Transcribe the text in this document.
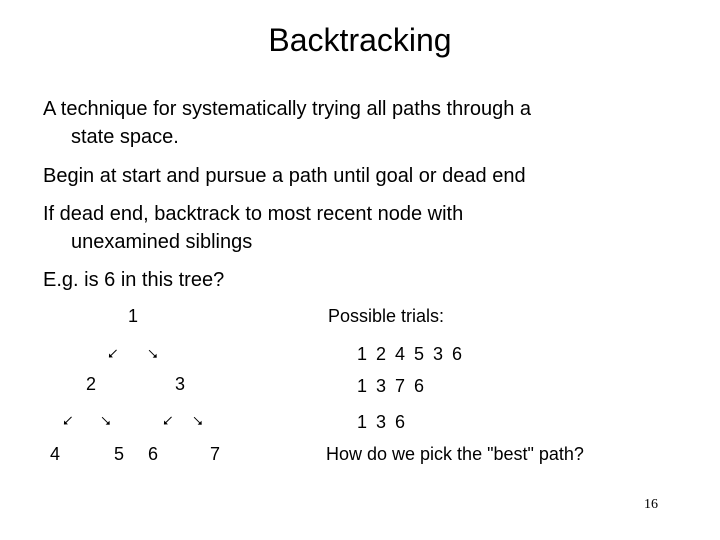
Backtracking
A technique for systematically trying all paths through a
state space.
Begin at start and pursue a path until goal or dead end
If dead end, backtrack to most recent node with
unexamined siblings
E.g. is 6 in this tree?
1
⭩ ⭨
2	3
⭩ ⭨	⭩ ⭨
4	5 6	7
Possible trials:
1 2 4 5 3 6
1 3 7 6
1 3 6
How do we pick the "best" path?
16
